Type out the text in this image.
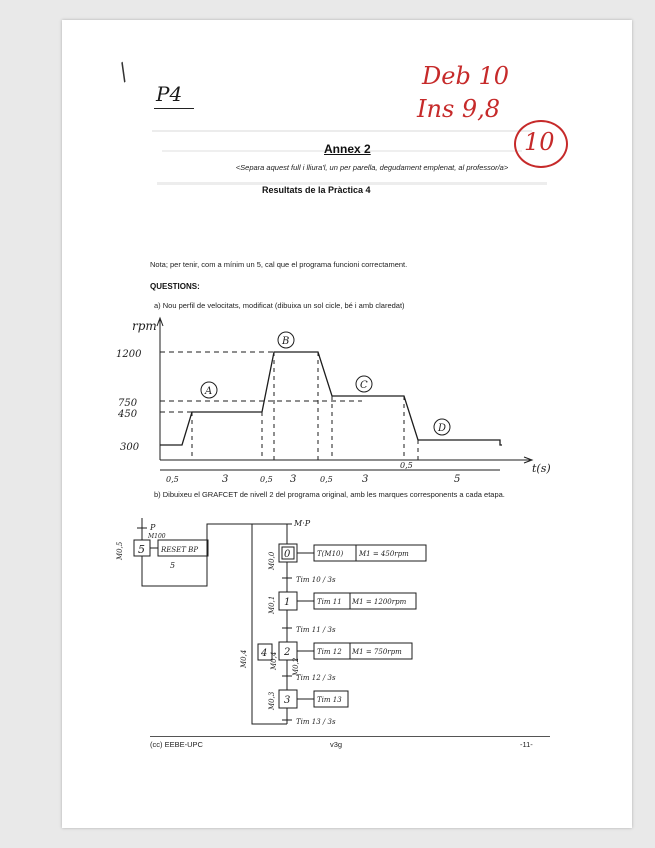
/
P4
Deb 10
Ins 9,8
10
Annex 2
<Separa aquest full i lliura'l, un per parella, degudament emplenat, al professor/a>
Resultats de la Pràctica 4
Nota; per tenir, com a mínim un 5, cal que el programa funcioni correctament.
QUESTIONS:
a) Nou perfil de velocitats, modificat (dibuixa un sol cicle, bé i amb claredat)
rpm
t(s)
1200
750
450
300
A
B
C
D
0,5	3	0,5 3	0,5	3
0,5
5
b) Dibuixeu el GRAFCET de nivell 2 del programa original, amb les marques corresponents a cada etapa.
5 RESET BP
5
M0,5
P
M100
M·P
0
M0,0	T(M10) M1 = 450rpm
Tim 10 / 3s
1
M0,1	Tim 11 M1 = 1200rpm
Tim 11 / 3s
4
M0,4	M0,4 2
M0,2
Tim 12 M1 = 750rpm
Tim 12 / 3s
3
M0,3	Tim 13
Tim 13 / 3s
(cc) EEBE-UPC	v3g	-11-
